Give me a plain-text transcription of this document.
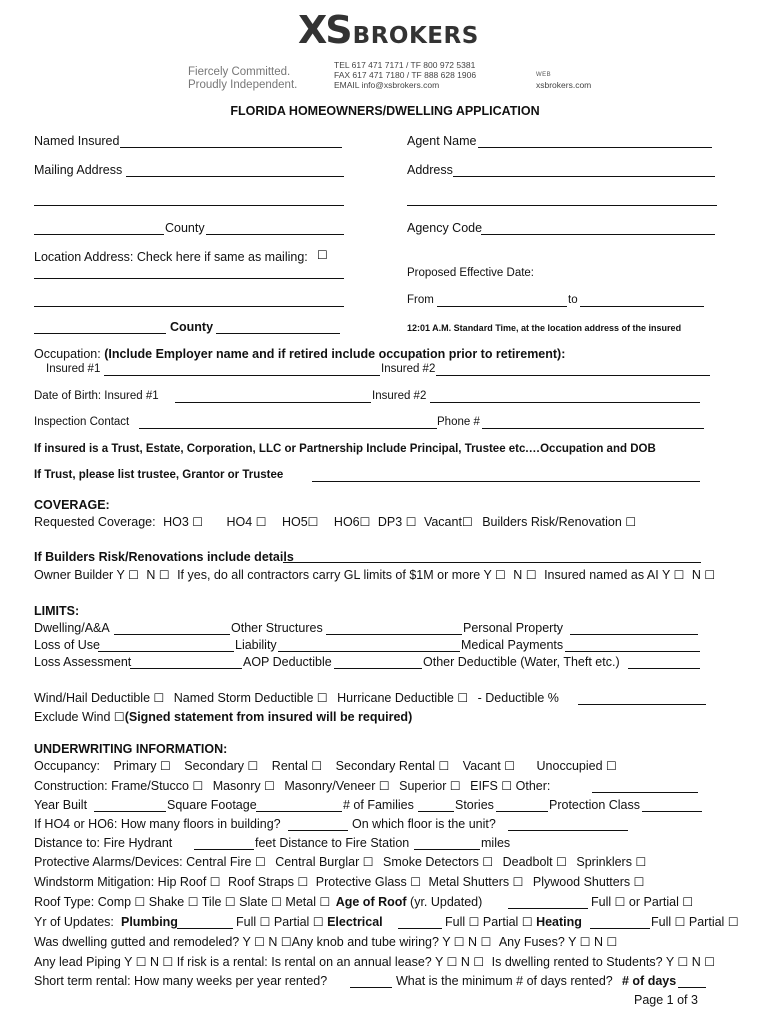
XSBROKERS
Fiercely Committed.
Proudly Independent.
TEL 617 471 7171 / TF 800 972 5381
FAX 617 471 7180 / TF 888 628 1906
EMAIL info@xsbrokers.com
WEB
xsbrokers.com
FLORIDA HOMEOWNERS/DWELLING APPLICATION
Named Insured
Mailing Address
County
Location Address: Check here if same as mailing: ☐
County
Agent Name
Address
Agency Code
Proposed Effective Date:
From	to
12:01 A.M. Standard Time, at the location address of the insured
Occupation: (Include Employer name and if retired include occupation prior to retirement):
Insured #1	Insured #2
Date of Birth: Insured #1	Insured #2
Inspection Contact	Phone #
If insured is a Trust, Estate, Corporation, LLC or Partnership Include Principal, Trustee etc.…Occupation and DOB
If Trust, please list trustee, Grantor or Trustee
COVERAGE:
Requested Coverage: HO3 ☐ HO4 ☐ HO5☐ HO6☐ DP3 ☐ Vacant☐ Builders Risk/Renovation ☐
If Builders Risk/Renovations include details
Owner Builder Y ☐ N ☐ If yes, do all contractors carry GL limits of $1M or more Y ☐ N ☐ Insured named as AI Y ☐ N ☐
LIMITS:
Dwelling/A&A	Other Structures	Personal Property
Loss of Use	Liability	Medical Payments
Loss Assessment	AOP Deductible	Other Deductible (Water, Theft etc.)
Wind/Hail Deductible ☐ Named Storm Deductible ☐ Hurricane Deductible ☐ - Deductible %
Exclude Wind ☐(Signed statement from insured will be required)
UNDERWRITING INFORMATION:
Occupancy: Primary ☐ Secondary ☐ Rental ☐ Secondary Rental ☐ Vacant ☐ Unoccupied ☐
Construction: Frame/Stucco ☐ Masonry ☐ Masonry/Veneer ☐ Superior ☐ EIFS ☐ Other:
Year Built	Square Footage	# of Families	Stories	Protection Class
If HO4 or HO6: How many floors in building?	On which floor is the unit?
Distance to: Fire Hydrant	feet Distance to Fire Station	miles
Protective Alarms/Devices: Central Fire ☐ Central Burglar ☐ Smoke Detectors ☐ Deadbolt ☐ Sprinklers ☐
Windstorm Mitigation: Hip Roof ☐ Roof Straps ☐ Protective Glass ☐ Metal Shutters ☐ Plywood Shutters ☐
Roof Type: Comp ☐ Shake ☐ Tile ☐ Slate ☐ Metal ☐ Age of Roof (yr. Updated)	Full ☐ or Partial ☐
Yr of Updates: Plumbing	Full ☐ Partial ☐ Electrical	Full ☐ Partial ☐ Heating	Full ☐ Partial ☐
Was dwelling gutted and remodeled? Y ☐ N ☐Any knob and tube wiring? Y ☐ N ☐ Any Fuses? Y ☐ N ☐
Any lead Piping Y ☐ N ☐ If risk is a rental: Is rental on an annual lease? Y ☐ N ☐ Is dwelling rented to Students? Y ☐ N ☐
Short term rental: How many weeks per year rented?	What is the minimum # of days rented? # of days
Page 1 of 3
